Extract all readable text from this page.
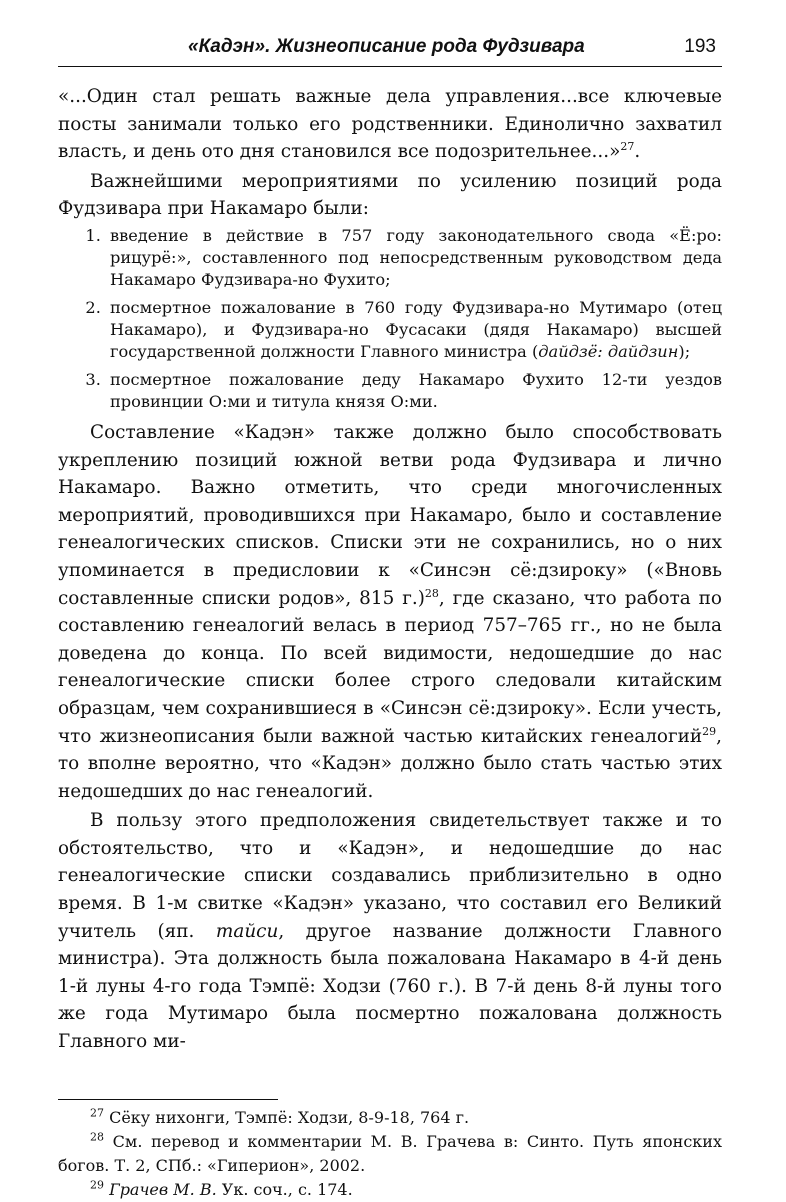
«Кадэн». Жизнеописание рода Фудзивара	193

«...Один стал решать важные дела управления...все ключевые посты занимали только его родственники. Единолично захватил власть, и день ото дня становился все подозрительнее...»$^{27}$.

Важнейшими мероприятиями по усилению позиций рода Фудзивара при Накамаро были:

1. введение в действие в 757 году законодательного свода «Ё:ро: рицурё:», составленного под непосредственным руководством деда Накамаро Фудзивара-но Фухито;
2. посмертное пожалование в 760 году Фудзивара-но Мутимаро (отец Накамаро), и Фудзивара-но Фусасаки (дядя Накамаро) высшей государственной должности Главного министра (дайдзё: дайдзин);
3. посмертное пожалование деду Накамаро Фухито 12-ти уездов провинции О:ми и титула князя О:ми.

Составление «Кадэн» также должно было способствовать укреплению позиций южной ветви рода Фудзивара и лично Накамаро. Важно отметить, что среди многочисленных мероприятий, проводившихся при Накамаро, было и составление генеалогических списков. Списки эти не сохранились, но о них упоминается в предисловии к «Синсэн сё:дзироку» («Вновь составленные списки родов», 815 г.)$^{28}$, где сказано, что работа по составлению генеалогий велась в период 757–765 гг., но не была доведена до конца. По всей видимости, недошедшие до нас генеалогические списки более строго следовали китайским образцам, чем сохранившиеся в «Синсэн сё:дзироку». Если учесть, что жизнеописания были важной частью китайских генеалогий$^{29}$, то вполне вероятно, что «Кадэн» должно было стать частью этих недошедших до нас генеалогий.

В пользу этого предположения свидетельствует также и то обстоятельство, что и «Кадэн», и недошедшие до нас генеалогические списки создавались приблизительно в одно время. В 1-м свитке «Кадэн» указано, что составил его Великий учитель (яп. тайси, другое название должности Главного министра). Эта должность была пожалована Накамаро в 4-й день 1-й луны 4-го года Тэмпё: Ходзи (760 г.). В 7-й день 8-й луны того же года Мутимаро была посмертно пожалована должность Главного ми-

$^{27}$ Сёку нихонги, Тэмпё: Ходзи, 8-9-18, 764 г.

$^{28}$ См. перевод и комментарии М. В. Грачева в: Синто. Путь японских богов. Т. 2, СПб.: «Гиперион», 2002.

$^{29}$ Грачев М. В. Ук. соч., с. 174.
